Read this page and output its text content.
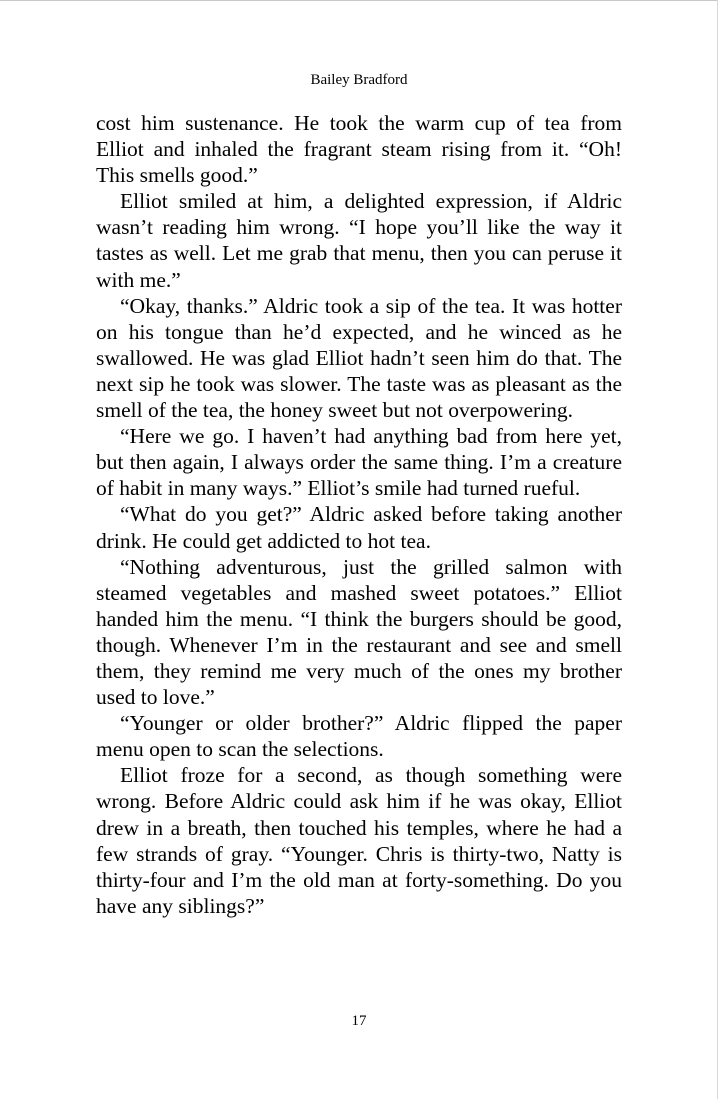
Bailey Bradford

cost him sustenance. He took the warm cup of tea from Elliot and inhaled the fragrant steam rising from it. “Oh! This smells good.”

Elliot smiled at him, a delighted expression, if Aldric wasn’t reading him wrong. “I hope you’ll like the way it tastes as well. Let me grab that menu, then you can peruse it with me.”

“Okay, thanks.” Aldric took a sip of the tea. It was hotter on his tongue than he’d expected, and he winced as he swallowed. He was glad Elliot hadn’t seen him do that. The next sip he took was slower. The taste was as pleasant as the smell of the tea, the honey sweet but not overpowering.

“Here we go. I haven’t had anything bad from here yet, but then again, I always order the same thing. I’m a creature of habit in many ways.” Elliot’s smile had turned rueful.

“What do you get?” Aldric asked before taking another drink. He could get addicted to hot tea.

“Nothing adventurous, just the grilled salmon with steamed vegetables and mashed sweet potatoes.” Elliot handed him the menu. “I think the burgers should be good, though. Whenever I’m in the restaurant and see and smell them, they remind me very much of the ones my brother used to love.”

“Younger or older brother?” Aldric flipped the paper menu open to scan the selections.

Elliot froze for a second, as though something were wrong. Before Aldric could ask him if he was okay, Elliot drew in a breath, then touched his temples, where he had a few strands of gray. “Younger. Chris is thirty-two, Natty is thirty-four and I’m the old man at forty-something. Do you have any siblings?”

17
